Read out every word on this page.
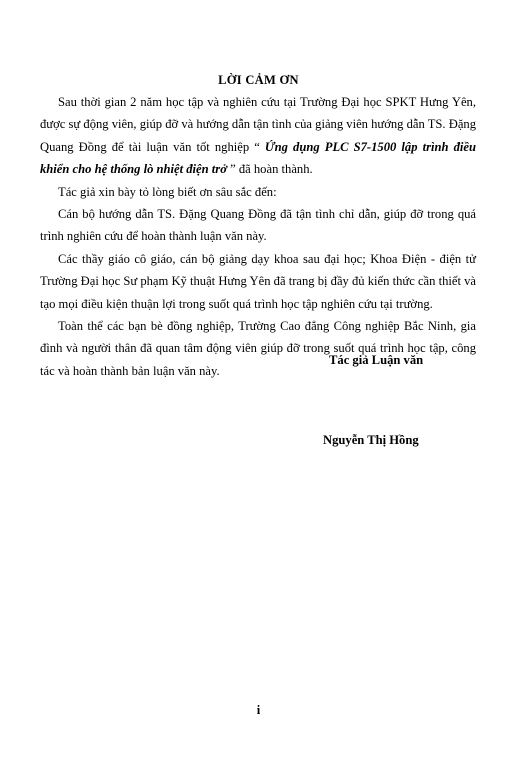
LỜI CẢM ƠN

Sau thời gian 2 năm học tập và nghiên cứu tại Trường Đại học SPKT Hưng Yên, được sự động viên, giúp đỡ và hướng dẫn tận tình của giảng viên hướng dẫn TS. Đặng Quang Đồng để tài luận văn tốt nghiệp “ Ứng dụng PLC S7-1500 lập trình điều khiển cho hệ thống lò nhiệt điện trở ” đã hoàn thành.

Tác giả xin bày tỏ lòng biết ơn sâu sắc đến:

Cán bộ hướng dẫn TS. Đặng Quang Đồng đã tận tình chỉ dẫn, giúp đỡ trong quá trình nghiên cứu để hoàn thành luận văn này.

Các thầy giáo cô giáo, cán bộ giảng dạy khoa sau đại học; Khoa Điện - điện tử Trường Đại học Sư phạm Kỹ thuật Hưng Yên đã trang bị đầy đủ kiến thức cần thiết và tạo mọi điều kiện thuận lợi trong suốt quá trình học tập nghiên cứu tại trường.

Toàn thể các bạn bè đồng nghiệp, Trường Cao đẳng Công nghiệp Bắc Ninh, gia đình và người thân đã quan tâm động viên giúp đỡ trong suốt quá trình học tập, công tác và hoàn thành bản luận văn này.

Tác giả Luận văn
Nguyễn Thị Hồng
i
